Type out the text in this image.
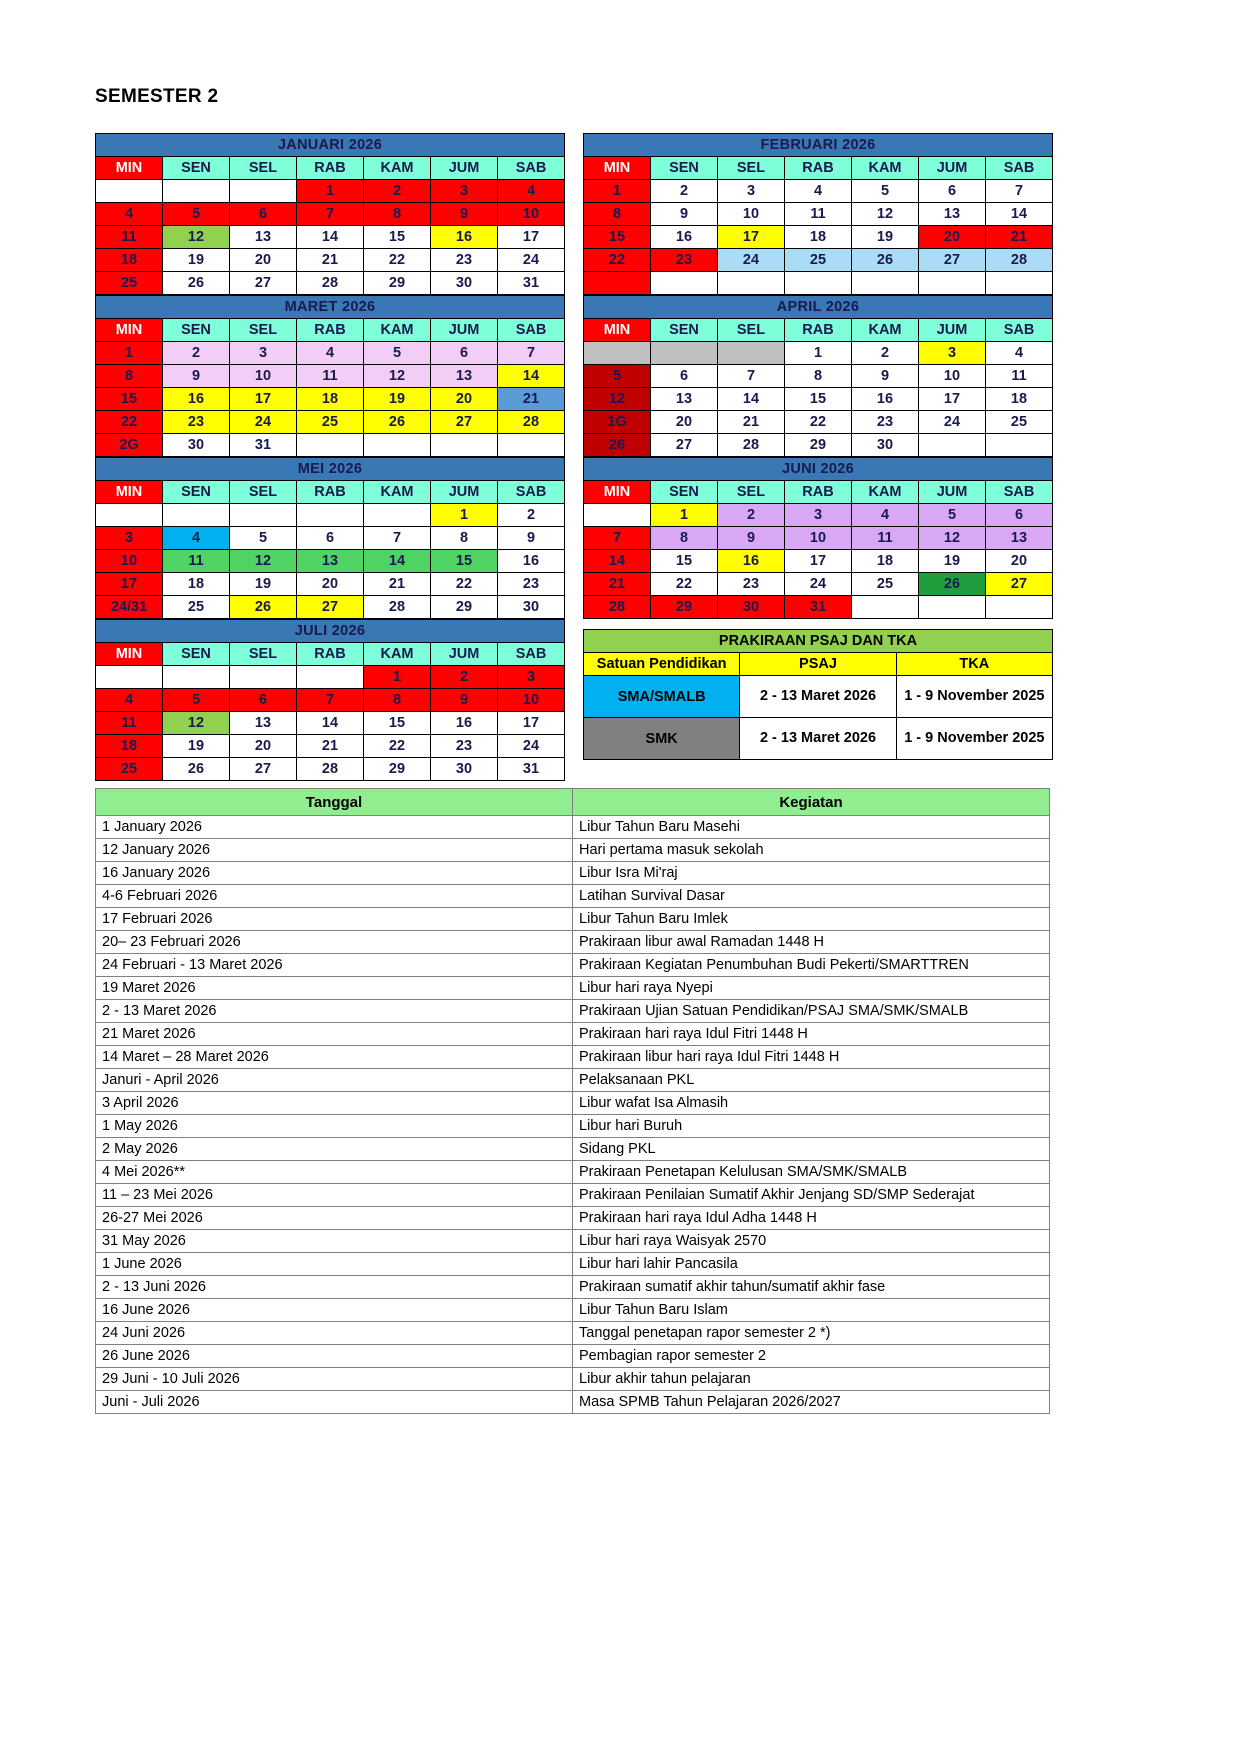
SEMESTER 2
JANUARI 2026						
MIN	SEN	SEL	RAB	KAM	JUM	SAB
			1	2	3	4
4	5	6	7	8	9	10
11	12	13	14	15	16	17
18	19	20	21	22	23	24
25	26	27	28	29	30	31
FEBRUARI 2026						
MIN	SEN	SEL	RAB	KAM	JUM	SAB
1	2	3	4	5	6	7
8	9	10	11	12	13	14
15	16	17	18	19	20	21
22	23	24	25	26	27	28

MARET 2026						
MIN	SEN	SEL	RAB	KAM	JUM	SAB
1	2	3	4	5	6	7
8	9	10	11	12	13	14
15	16	17	18	19	20	21
22	23	24	25	26	27	28
2G	30	31				
APRIL 2026						
MIN	SEN	SEL	RAB	KAM	JUM	SAB
			1	2	3	4
5	6	7	8	9	10	11
12	13	14	15	16	17	18
1G	20	21	22	23	24	25
26	27	28	29	30		
MEI 2026						
MIN	SEN	SEL	RAB	KAM	JUM	SAB
					1	2
3	4	5	6	7	8	9
10	11	12	13	14	15	16
17	18	19	20	21	22	23
24/31	25	26	27	28	29	30
JUNI 2026						
MIN	SEN	SEL	RAB	KAM	JUM	SAB
	1	2	3	4	5	6
7	8	9	10	11	12	13
14	15	16	17	18	19	20
21	22	23	24	25	26	27
28	29	30	31			
JULI 2026						
MIN	SEN	SEL	RAB	KAM	JUM	SAB
				1	2	3
4	5	6	7	8	9	10
11	12	13	14	15	16	17
18	19	20	21	22	23	24
25	26	27	28	29	30	31
PRAKIRAAN PSAJ DAN TKA		
Satuan Pendidikan	PSAJ	TKA
SMA/SMALB	2 - 13 Maret 2026	1 - 9 November 2025
SMK	2 - 13 Maret 2026	1 - 9 November 2025
Tanggal	Kegiatan
1 January 2026	Libur Tahun Baru Masehi
12 January 2026	Hari pertama masuk sekolah
16 January 2026	Libur Isra Mi'raj
4-6 Februari 2026	Latihan Survival Dasar
17 Februari 2026	Libur Tahun Baru Imlek
20– 23 Februari 2026	Prakiraan libur awal Ramadan 1448 H
24 Februari - 13 Maret 2026	Prakiraan Kegiatan Penumbuhan Budi Pekerti/SMARTTREN
19 Maret 2026	Libur hari raya Nyepi
2 - 13 Maret 2026	Prakiraan Ujian Satuan Pendidikan/PSAJ SMA/SMK/SMALB
21 Maret 2026	Prakiraan hari raya Idul Fitri 1448 H
14 Maret – 28 Maret 2026	Prakiraan libur hari raya Idul Fitri 1448 H
Januri - April 2026	Pelaksanaan PKL
3 April 2026	Libur wafat Isa Almasih
1 May 2026	Libur hari Buruh
2 May 2026	Sidang PKL
4 Mei 2026**	Prakiraan Penetapan Kelulusan SMA/SMK/SMALB
11 – 23 Mei 2026	Prakiraan Penilaian Sumatif Akhir Jenjang SD/SMP Sederajat
26-27 Mei 2026	Prakiraan hari raya Idul Adha 1448 H
31 May 2026	Libur hari raya Waisyak 2570
1 June 2026	Libur hari lahir Pancasila
2 - 13 Juni 2026	Prakiraan sumatif akhir tahun/sumatif akhir fase
16 June 2026	Libur Tahun Baru Islam
24 Juni 2026	Tanggal penetapan rapor semester 2 *)
26 June 2026	Pembagian rapor semester 2
29 Juni - 10 Juli 2026	Libur akhir tahun pelajaran
Juni - Juli 2026	Masa SPMB Tahun Pelajaran 2026/2027
